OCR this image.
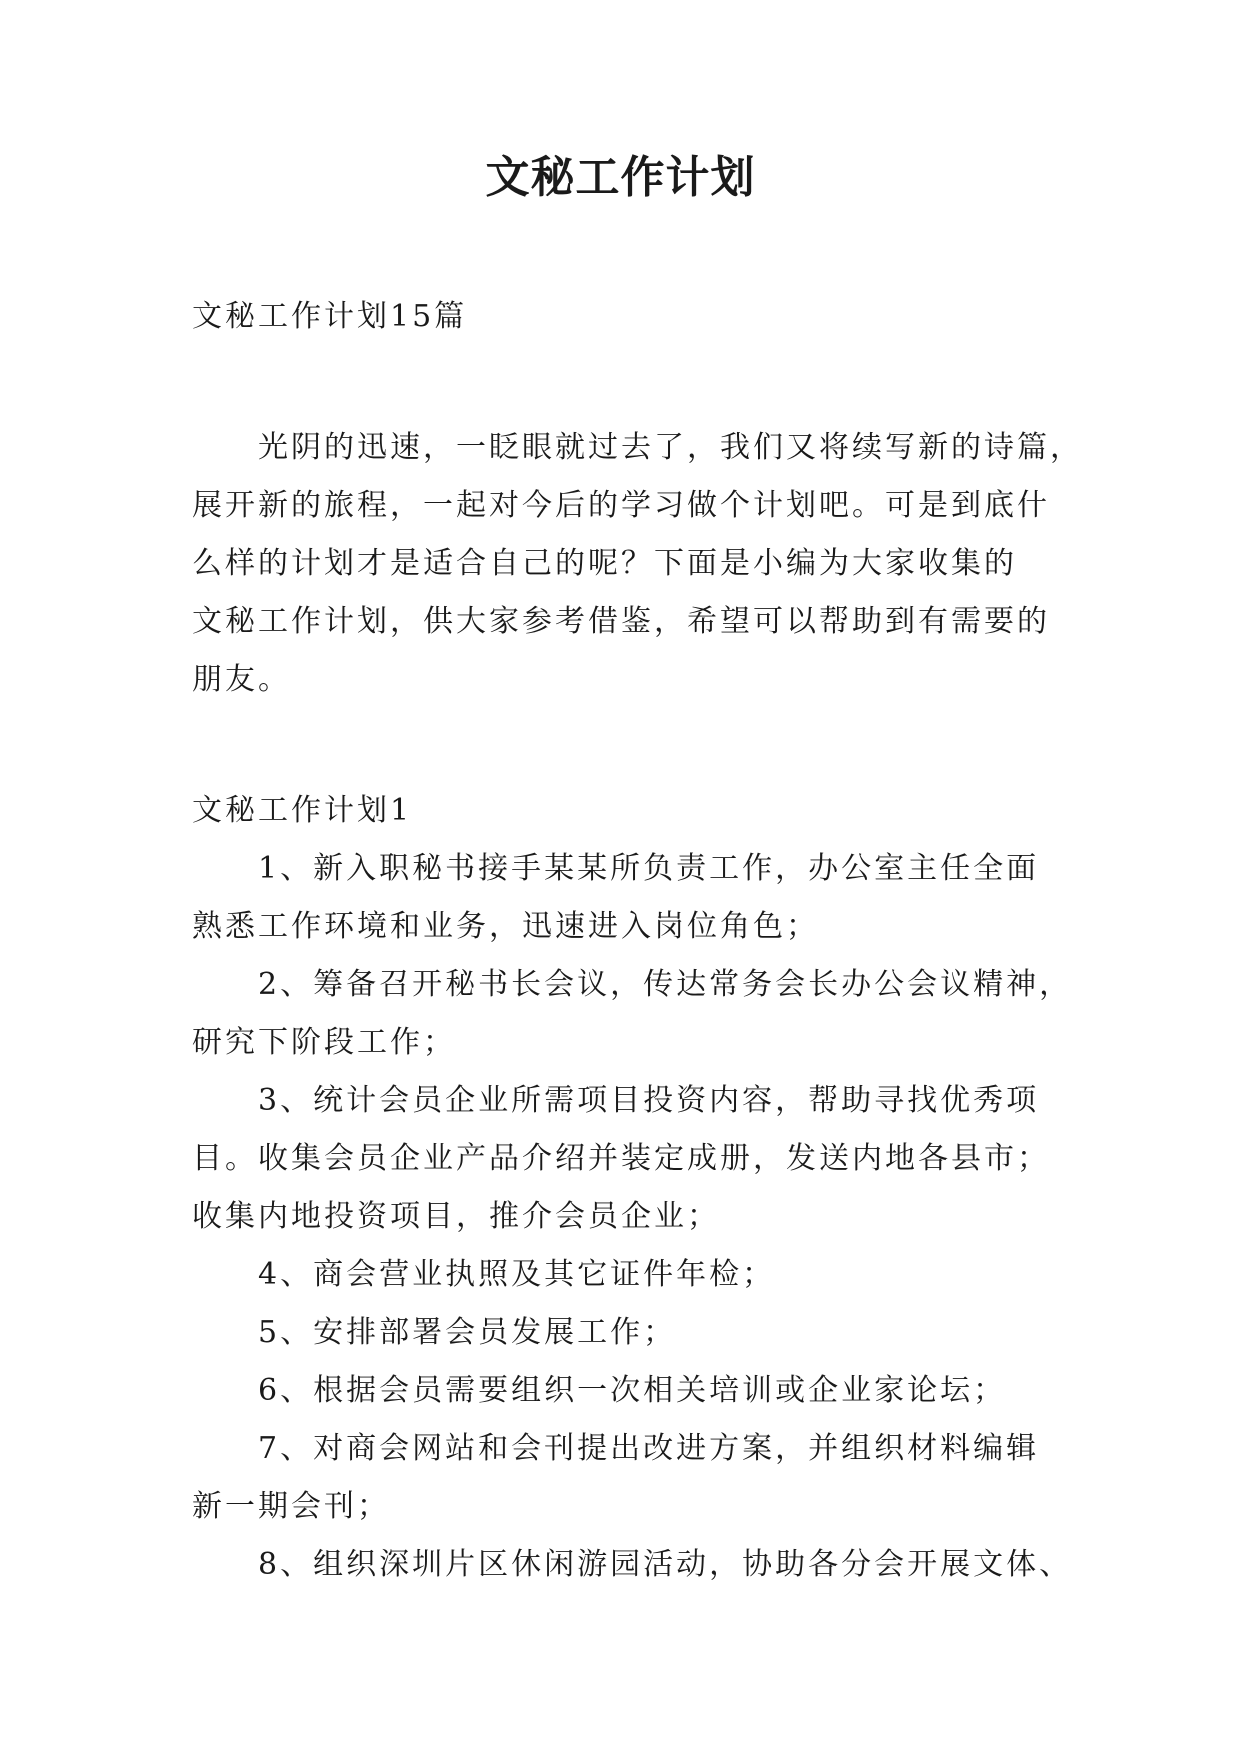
文秘工作计划
文秘工作计划15篇
光阴的迅速，一眨眼就过去了，我们又将续写新的诗篇，
展开新的旅程，一起对今后的学习做个计划吧。可是到底什
么样的计划才是适合自己的呢？下面是小编为大家收集的
文秘工作计划，供大家参考借鉴，希望可以帮助到有需要的
朋友。
文秘工作计划1
1、新入职秘书接手某某所负责工作，办公室主任全面
熟悉工作环境和业务，迅速进入岗位角色；
2、筹备召开秘书长会议，传达常务会长办公会议精神，
研究下阶段工作；
3、统计会员企业所需项目投资内容，帮助寻找优秀项
目。收集会员企业产品介绍并装定成册，发送内地各县市；
收集内地投资项目，推介会员企业；
4、商会营业执照及其它证件年检；
5、安排部署会员发展工作；
6、根据会员需要组织一次相关培训或企业家论坛；
7、对商会网站和会刊提出改进方案，并组织材料编辑
新一期会刊；
8、组织深圳片区休闲游园活动，协助各分会开展文体、
